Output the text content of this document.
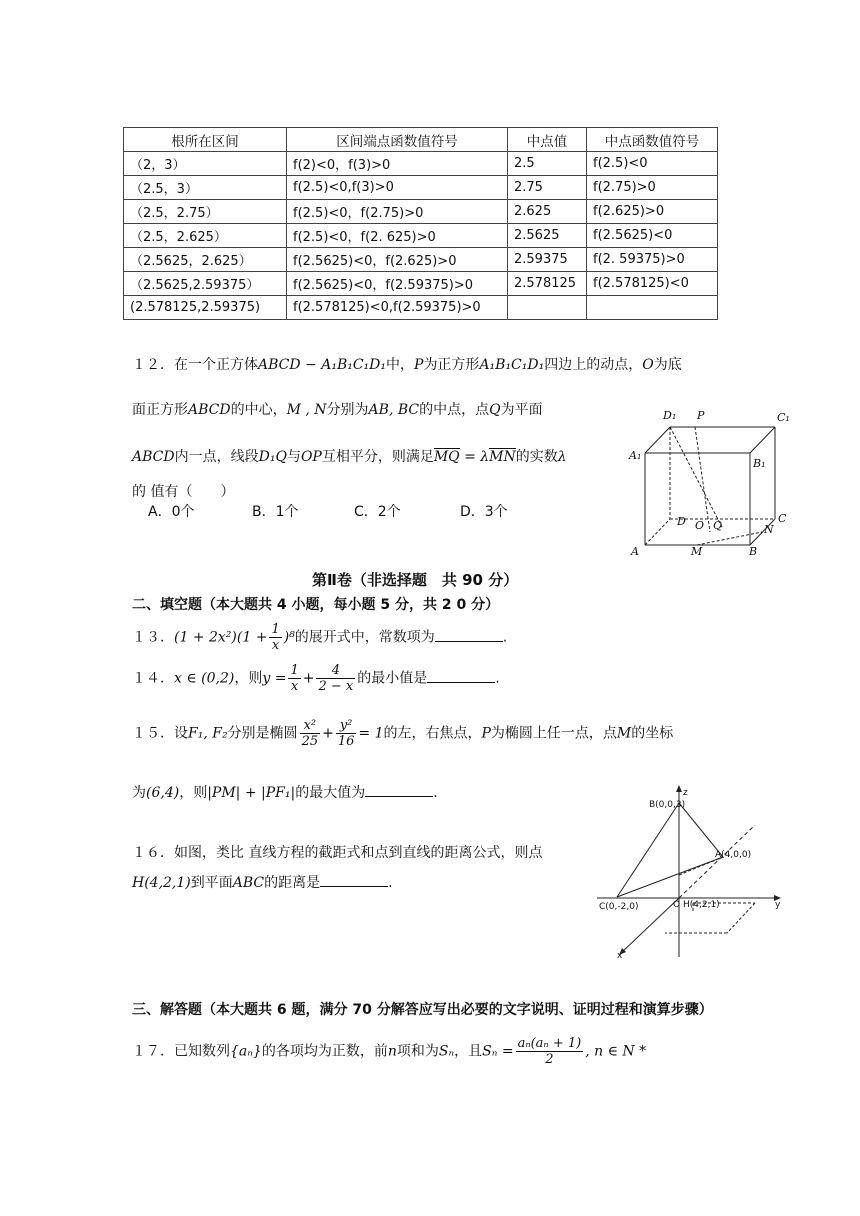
根所在区间	区间端点函数值符号	中点值	中点函数值符号
（2，3）	f(2)<0，f(3)>0	2.5	f(2.5)<0
（2.5，3）	f(2.5)<0,f(3)>0	2.75	f(2.75)>0
（2.5，2.75）	f(2.5)<0，f(2.75)>0	2.625	f(2.625)>0
（2.5，2.625）	f(2.5)<0，f(2. 625)>0	2.5625	f(2.5625)<0
（2.5625，2.625）	f(2.5625)<0，f(2.625)>0	2.59375	f(2. 59375)>0
（2.5625,2.59375）	f(2.5625)<0，f(2.59375)>0	2.578125	f(2.578125)<0
(2.578125,2.59375)	f(2.578125)<0,f(2.59375)>0		
１２．在一个正方体ABCD − A₁B₁C₁D₁中，P为正方形A₁B₁C₁D₁四边上的动点，O为底
面正方形ABCD的中心，M , N分别为AB, BC的中点，点Q为平面
ABCD内一点，线段D₁Q与OP互相平分，则满足MQ = λMN的实数λ
的 值有（　　）
A．0个	B．1个	C．2个	D．3个
D₁ P	C₁
A₁
B₁
D O Q
C
N
A	M	B
第Ⅱ卷（非选择题　共 90 分）
二、填空题（本大题共 4 小题，每小题 5 分，共 2 0 分）
１３．$(1 + 2x^2)(1 + \frac{1}{x} )^8$的展开式中，常数项为	.
１４．x ∈ (0,2)，则$y = \frac{1}{x} + \frac{4}{2 - x}$ 的最小值是	.
１５．设F₁, F₂分别是椭圆 $\frac{\text{x²}}{25} + \frac{\text{y²}}{16} = 1$的左，右焦点，P为椭圆上任一点，点M的坐标
为(6,4)，则|PM| + |PF₁|的最大值为	.
１６．如图，类比 直线方程的截距式和点到直线的距离公式，则点
H(4,2,1)到平面ABC的距离是	.
z
B(0,0,3)
A(4,0,0)
C(0,-2,0)	O H(4,2,1)	y
x
三、解答题（本大题共 6 题，满分 70 分解答应写出必要的文字说明、证明过程和演算步骤）
１７．已知数列{aₙ}的各项均为正数，前n项和为Sₙ，且$S_n = \frac{\text{aₙ(aₙ + 1)}}{2}$ , n ∈ N *
